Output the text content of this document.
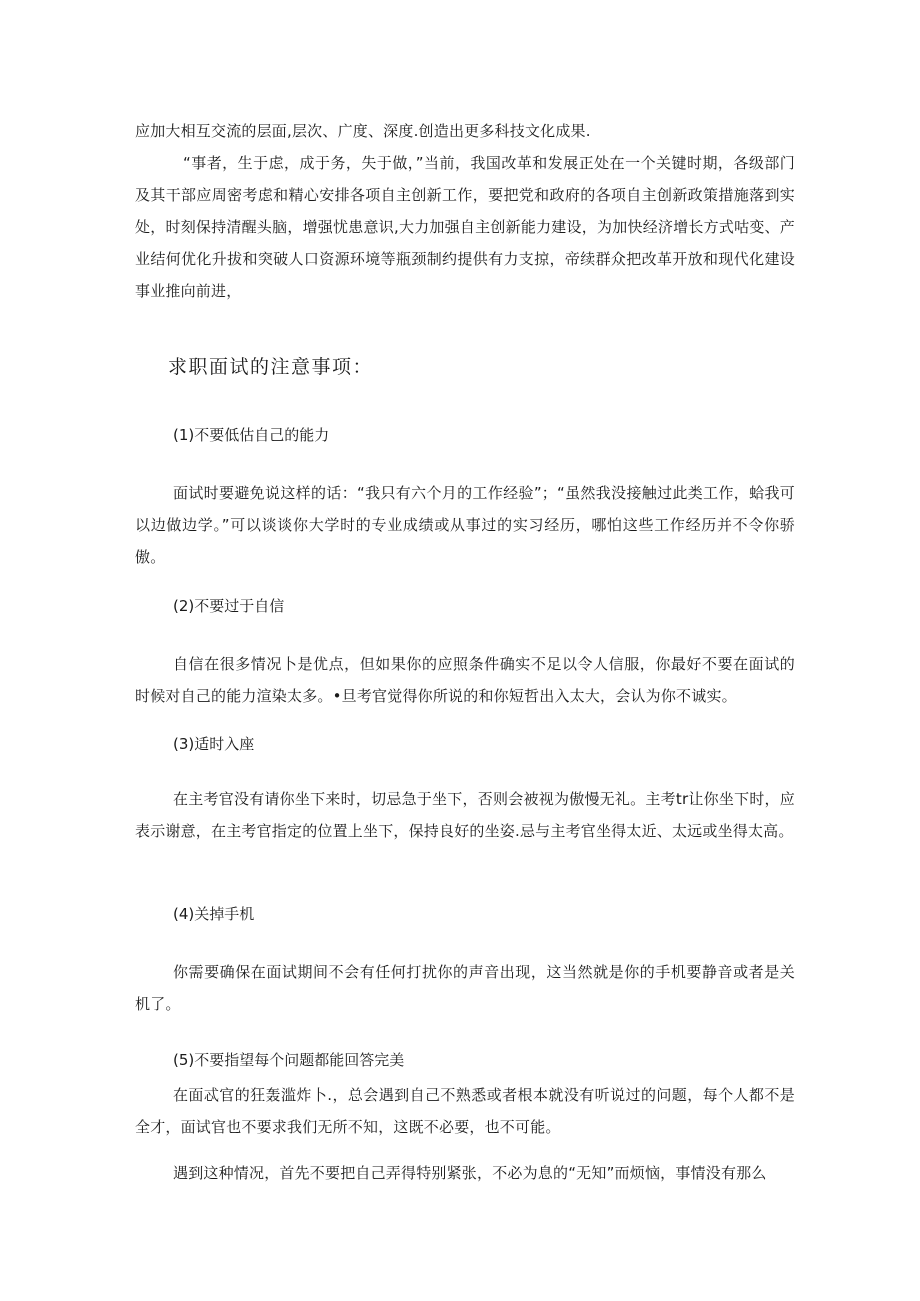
应加大相互交流的层面,层次、广度、深度.创造出更多科技文化成果.

“事者，生于虑，成于务，失于做，”当前，我国改革和发展正处在一个关键时期，各级部门及其干部应周密考虑和精心安排各项自主创新工作，要把党和政府的各项自主创新政策措施落到实处，时刻保持清醒头脑，增强忧患意识,大力加强自主创新能力建设，为加快经济增长方式咕变、产业结何优化升拔和突破人口资源环境等瓶颈制约提供有力支掠，帝续群众把改革开放和现代化建设事业推向前进，

求职面试的注意事项：

(1)不要低估自己的能力

面试时要避免说这样的话：“我只有六个月的工作经验”；“虽然我没接触过此类工作，蛤我可以边做边学。”可以谈谈你大学时的专业成绩或从事过的实习经历，哪怕这些工作经历并不令你骄傲。

(2)不要过于自信

自信在很多情况卜是优点，但如果你的应照条件确实不足以令人信服，你最好不要在面试的时候对自己的能力渲染太多。•旦考官觉得你所说的和你短哲出入太大，会认为你不诚实。

(3)适时入座

在主考官没有请你坐下来时，切忌急于坐下，否则会被视为傲慢无礼。主考tr让你坐下时，应表示谢意，在主考官指定的位置上坐下，保持良好的坐姿.忌与主考官坐得太近、太远或坐得太高。

(4)关掉手机

你需要确保在面试期间不会有任何打扰你的声音出现，这当然就是你的手机要静音或者是关机了。

(5)不要指望每个问题都能回答完美

在面忒官的狂轰滥炸卜.，总会遇到自己不熟悉或者根本就没有听说过的问题，每个人都不是全才，面试官也不要求我们无所不知，这既不必要，也不可能。

遇到这种情况，首先不要把自己弄得特别紧张，不必为息的“无知”而烦恼，事情没有那么
